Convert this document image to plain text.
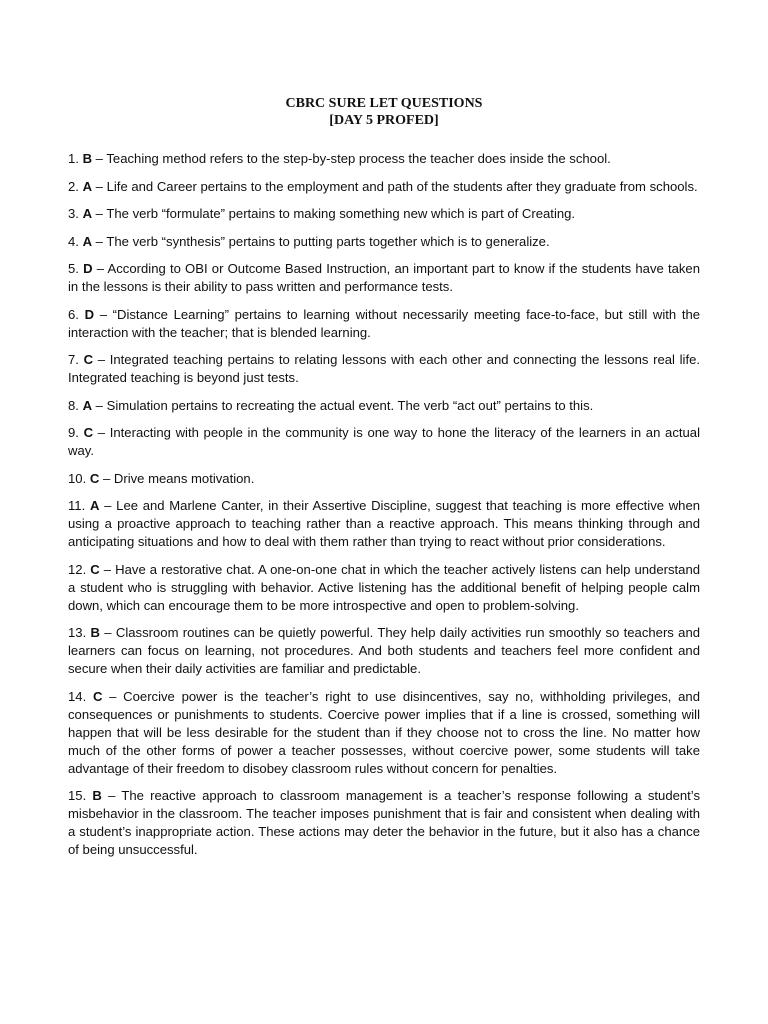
CBRC SURE LET QUESTIONS
[DAY 5 PROFED]
1. B – Teaching method refers to the step-by-step process the teacher does inside the school.
2. A – Life and Career pertains to the employment and path of the students after they graduate from schools.
3. A – The verb “formulate” pertains to making something new which is part of Creating.
4. A – The verb “synthesis” pertains to putting parts together which is to generalize.
5. D – According to OBI or Outcome Based Instruction, an important part to know if the students have taken in the lessons is their ability to pass written and performance tests.
6. D – “Distance Learning” pertains to learning without necessarily meeting face-to-face, but still with the interaction with the teacher; that is blended learning.
7. C – Integrated teaching pertains to relating lessons with each other and connecting the lessons real life. Integrated teaching is beyond just tests.
8. A – Simulation pertains to recreating the actual event. The verb “act out” pertains to this.
9. C – Interacting with people in the community is one way to hone the literacy of the learners in an actual way.
10. C – Drive means motivation.
11. A – Lee and Marlene Canter, in their Assertive Discipline, suggest that teaching is more effective when using a proactive approach to teaching rather than a reactive approach. This means thinking through and anticipating situations and how to deal with them rather than trying to react without prior considerations.
12. C – Have a restorative chat. A one-on-one chat in which the teacher actively listens can help understand a student who is struggling with behavior. Active listening has the additional benefit of helping people calm down, which can encourage them to be more introspective and open to problem-solving.
13. B – Classroom routines can be quietly powerful. They help daily activities run smoothly so teachers and learners can focus on learning, not procedures. And both students and teachers feel more confident and secure when their daily activities are familiar and predictable.
14. C – Coercive power is the teacher’s right to use disincentives, say no, withholding privileges, and consequences or punishments to students. Coercive power implies that if a line is crossed, something will happen that will be less desirable for the student than if they choose not to cross the line. No matter how much of the other forms of power a teacher possesses, without coercive power, some students will take advantage of their freedom to disobey classroom rules without concern for penalties.
15. B – The reactive approach to classroom management is a teacher’s response following a student’s misbehavior in the classroom. The teacher imposes punishment that is fair and consistent when dealing with a student’s inappropriate action. These actions may deter the behavior in the future, but it also has a chance of being unsuccessful.
